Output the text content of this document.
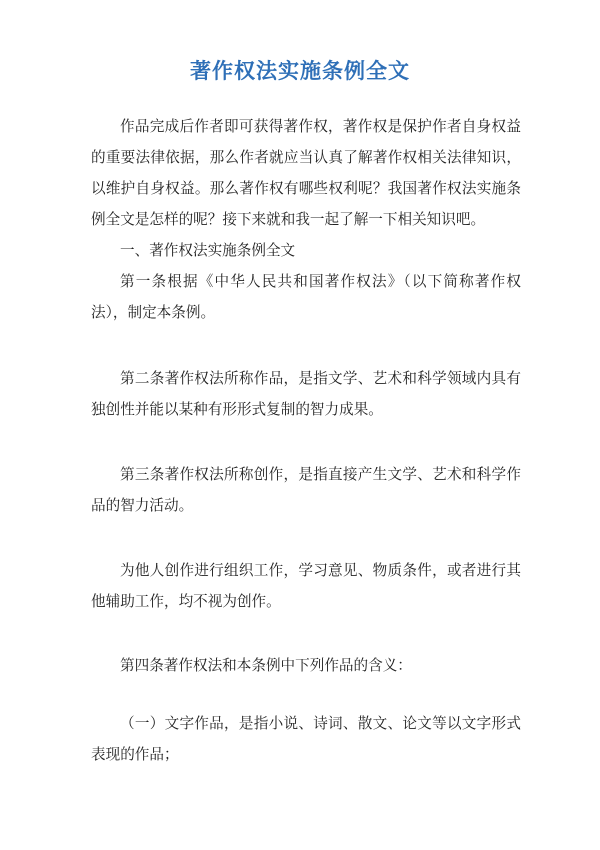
著作权法实施条例全文

作品完成后作者即可获得著作权，著作权是保护作者自身权益的重要法律依据，那么作者就应当认真了解著作权相关法律知识，以维护自身权益。那么著作权有哪些权利呢？我国著作权法实施条例全文是怎样的呢？接下来就和我一起了解一下相关知识吧。

一、著作权法实施条例全文

第一条根据《中华人民共和国著作权法》（以下简称著作权法），制定本条例。

第二条著作权法所称作品，是指文学、艺术和科学领域内具有独创性并能以某种有形形式复制的智力成果。

第三条著作权法所称创作，是指直接产生文学、艺术和科学作品的智力活动。

为他人创作进行组织工作，学习意见、物质条件，或者进行其他辅助工作，均不视为创作。

第四条著作权法和本条例中下列作品的含义：

（一）文字作品，是指小说、诗词、散文、论文等以文字形式表现的作品；
